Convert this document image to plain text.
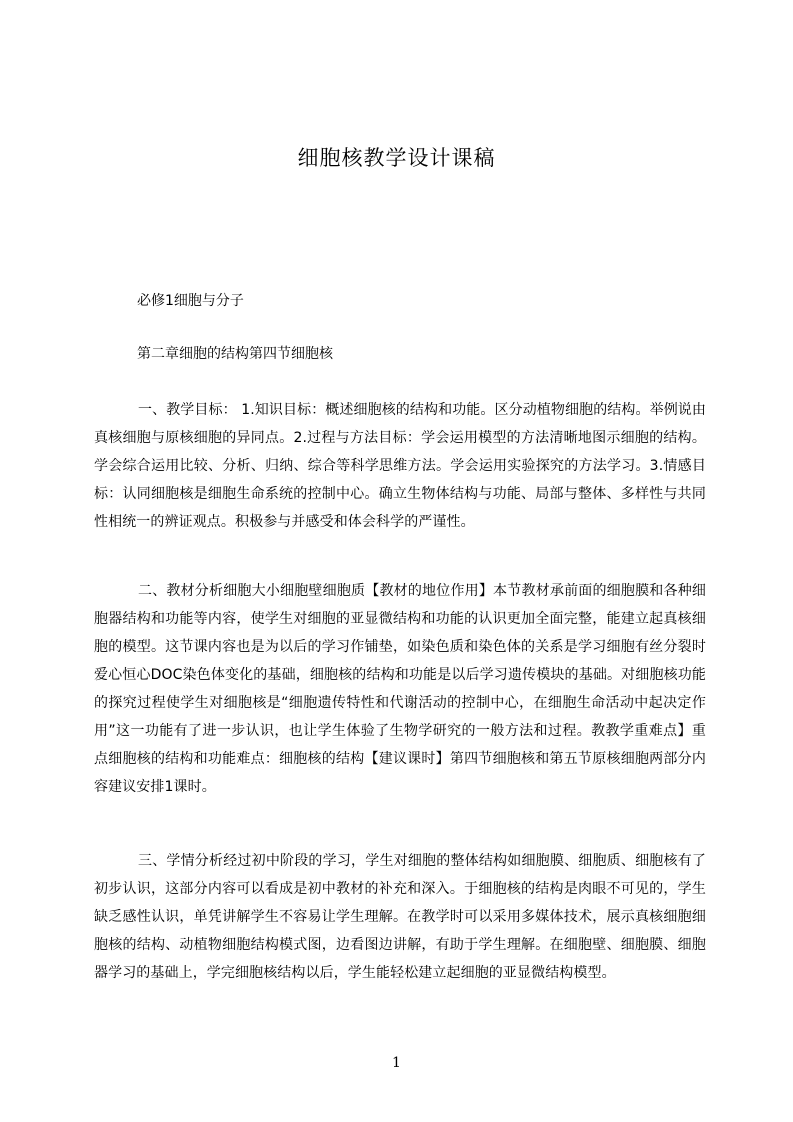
细胞核教学设计课稿
必修1细胞与分子
第二章细胞的结构第四节细胞核

一、教学目标： 1.知识目标：概述细胞核的结构和功能。区分动植物细胞的结构。举例说由真核细胞与原核细胞的异同点。2.过程与方法目标：学会运用模型的方法清晰地图示细胞的结构。学会综合运用比较、分析、归纳、综合等科学思维方法。学会运用实验探究的方法学习。3.情感目标：认同细胞核是细胞生命系统的控制中心。确立生物体结构与功能、局部与整体、多样性与共同性相统一的辨证观点。积极参与并感受和体会科学的严谨性。

二、教材分析细胞大小细胞壁细胞质【教材的地位作用】本节教材承前面的细胞膜和各种细胞器结构和功能等内容，使学生对细胞的亚显微结构和功能的认识更加全面完整，能建立起真核细胞的模型。这节课内容也是为以后的学习作铺垫，如染色质和染色体的关系是学习细胞有丝分裂时爱心恒心DOC染色体变化的基础，细胞核的结构和功能是以后学习遗传模块的基础。对细胞核功能的探究过程使学生对细胞核是“细胞遗传特性和代谢活动的控制中心，在细胞生命活动中起决定作用”这一功能有了进一步认识，也让学生体验了生物学研究的一般方法和过程。教教学重难点】重点细胞核的结构和功能难点：细胞核的结构【建议课时】第四节细胞核和第五节原核细胞两部分内容建议安排1课时。

三、学情分析经过初中阶段的学习，学生对细胞的整体结构如细胞膜、细胞质、细胞核有了初步认识，这部分内容可以看成是初中教材的补充和深入。于细胞核的结构是肉眼不可见的，学生缺乏感性认识，单凭讲解学生不容易让学生理解。在教学时可以采用多媒体技术，展示真核细胞细胞核的结构、动植物细胞结构模式图，边看图边讲解，有助于学生理解。在细胞壁、细胞膜、细胞器学习的基础上，学完细胞核结构以后，学生能轻松建立起细胞的亚显微结构模型。

1
